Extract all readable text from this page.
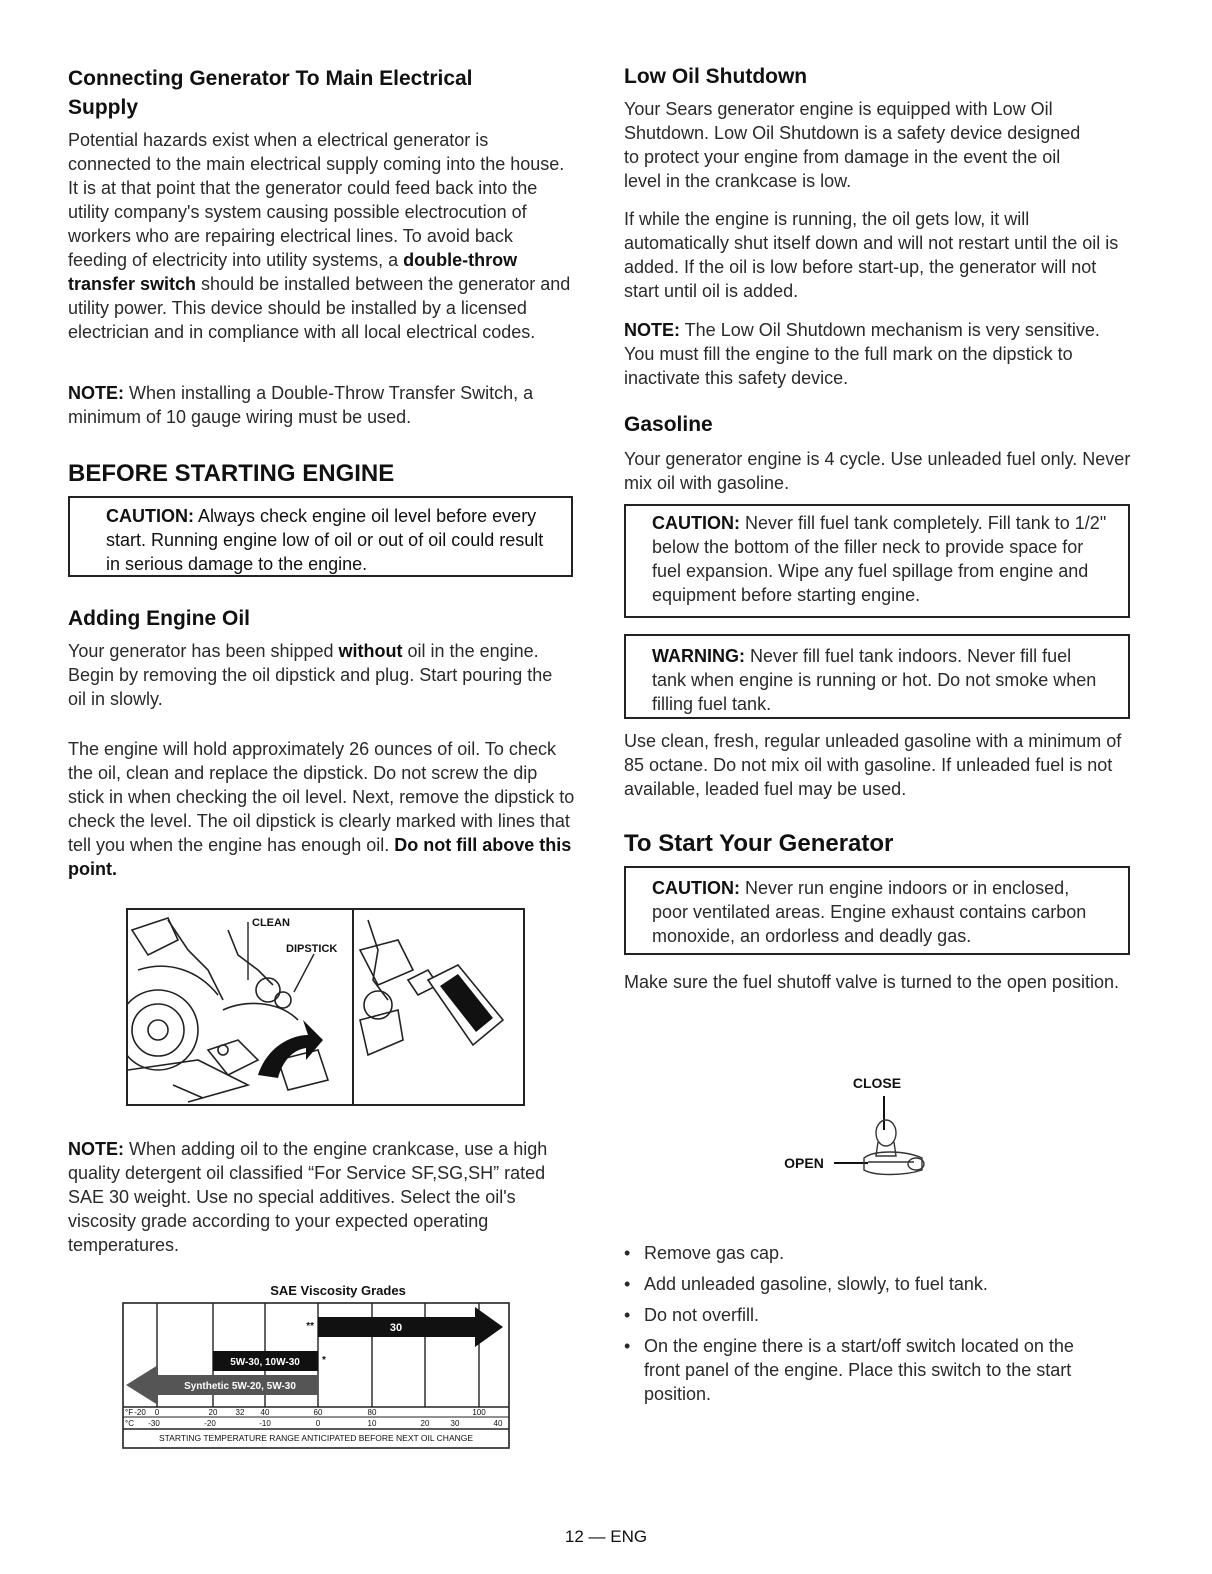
Connecting Generator To Main Electrical Supply

Potential hazards exist when a electrical generator is connected to the main electrical supply coming into the house. It is at that point that the generator could feed back into the utility company's system causing possible electrocution of workers who are repairing electrical lines. To avoid back feeding of electricity into utility systems, a double-throw transfer switch should be installed between the generator and utility power. This device should be installed by a licensed electrician and in compliance with all local electrical codes.

NOTE: When installing a Double-Throw Transfer Switch, a minimum of 10 gauge wiring must be used.

BEFORE STARTING ENGINE

CAUTION: Always check engine oil level before every start. Running engine low of oil or out of oil could result in serious damage to the engine.

Adding Engine Oil

Your generator has been shipped without oil in the engine. Begin by removing the oil dipstick and plug. Start pouring the oil in slowly.

The engine will hold approximately 26 ounces of oil. To check the oil, clean and replace the dipstick. Do not screw the dip stick in when checking the oil level. Next, remove the dipstick to check the level. The oil dipstick is clearly marked with lines that tell you when the engine has enough oil. Do not fill above this point.

CLEAN
DIPSTICK

NOTE: When adding oil to the engine crankcase, use a high quality detergent oil classified “For Service SF,SG,SH” rated SAE 30 weight. Use no special additives. Select the oil's viscosity grade according to your expected operating temperatures.

SAE Viscosity Grades
30
**
5W-30, 10W-30 *
Synthetic 5W-20, 5W-30
°F
°C
-20 0	20 32 40	60	80	100
-30	-20	-10	0	10	20	30	40
STARTING TEMPERATURE RANGE ANTICIPATED BEFORE NEXT OIL CHANGE
Low Oil Shutdown

Your Sears generator engine is equipped with Low Oil Shutdown. Low Oil Shutdown is a safety device designed to protect your engine from damage in the event the oil level in the crankcase is low.

If while the engine is running, the oil gets low, it will automatically shut itself down and will not restart until the oil is added. If the oil is low before start-up, the generator will not start until oil is added.

NOTE: The Low Oil Shutdown mechanism is very sensitive. You must fill the engine to the full mark on the dipstick to inactivate this safety device.

Gasoline

Your generator engine is 4 cycle. Use unleaded fuel only. Never mix oil with gasoline.

CAUTION: Never fill fuel tank completely. Fill tank to 1/2" below the bottom of the filler neck to provide space for fuel expansion. Wipe any fuel spillage from engine and equipment before starting engine.

WARNING: Never fill fuel tank indoors. Never fill fuel tank when engine is running or hot. Do not smoke when filling fuel tank.

Use clean, fresh, regular unleaded gasoline with a minimum of 85 octane. Do not mix oil with gasoline. If unleaded fuel is not available, leaded fuel may be used.

To Start Your Generator

CAUTION: Never run engine indoors or in enclosed, poor ventilated areas. Engine exhaust contains carbon monoxide, an ordorless and deadly gas.

Make sure the fuel shutoff valve is turned to the open position.

CLOSE
OPEN
• Remove gas cap.
• Add unleaded gasoline, slowly, to fuel tank.
• Do not overfill.
• On the engine there is a start/off switch located on the front panel of the engine. Place this switch to the start position.
12 — ENG
